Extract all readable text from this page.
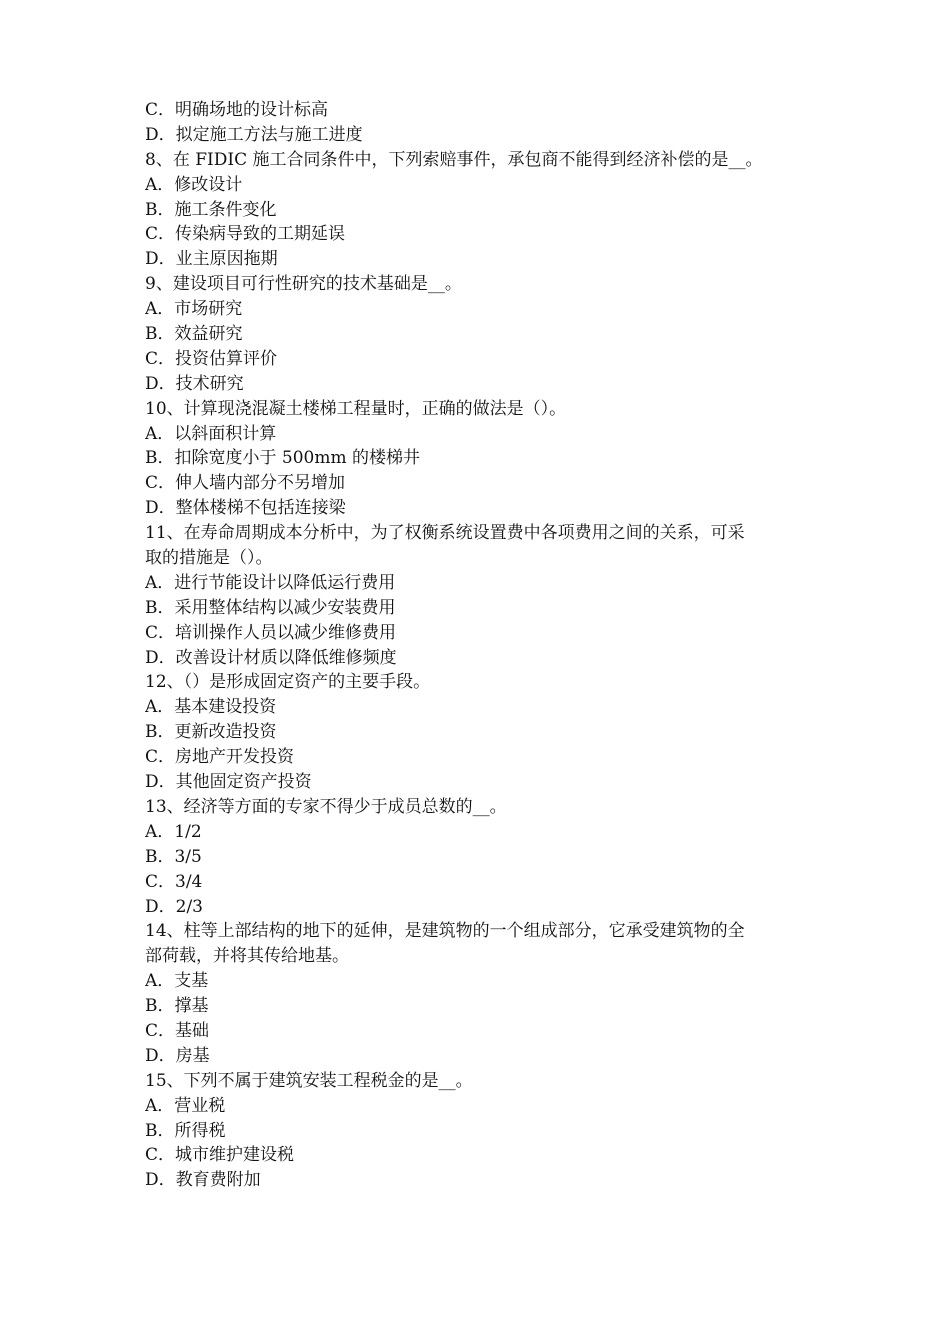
C．明确场地的设计标高
D．拟定施工方法与施工进度
8、在 FIDIC 施工合同条件中，下列索赔事件，承包商不能得到经济补偿的是__。
A．修改设计
B．施工条件变化
C．传染病导致的工期延误
D．业主原因拖期
9、建设项目可行性研究的技术基础是__。
A．市场研究
B．效益研究
C．投资估算评价
D．技术研究
10、计算现浇混凝土楼梯工程量时，正确的做法是（）。
A．以斜面积计算
B．扣除宽度小于 500mm 的楼梯井
C．伸人墙内部分不另增加
D．整体楼梯不包括连接梁
11、在寿命周期成本分析中，为了权衡系统设置费中各项费用之间的关系，可采
取的措施是（）。
A．进行节能设计以降低运行费用
B．采用整体结构以减少安装费用
C．培训操作人员以减少维修费用
D．改善设计材质以降低维修频度
12、（）是形成固定资产的主要手段。
A．基本建设投资
B．更新改造投资
C．房地产开发投资
D．其他固定资产投资
13、经济等方面的专家不得少于成员总数的__。
A．1/2
B．3/5
C．3/4
D．2/3
14、柱等上部结构的地下的延伸，是建筑物的一个组成部分，它承受建筑物的全
部荷载，并将其传给地基。
A．支基
B．撑基
C．基础
D．房基
15、下列不属于建筑安装工程税金的是__。
A．营业税
B．所得税
C．城市维护建设税
D．教育费附加
